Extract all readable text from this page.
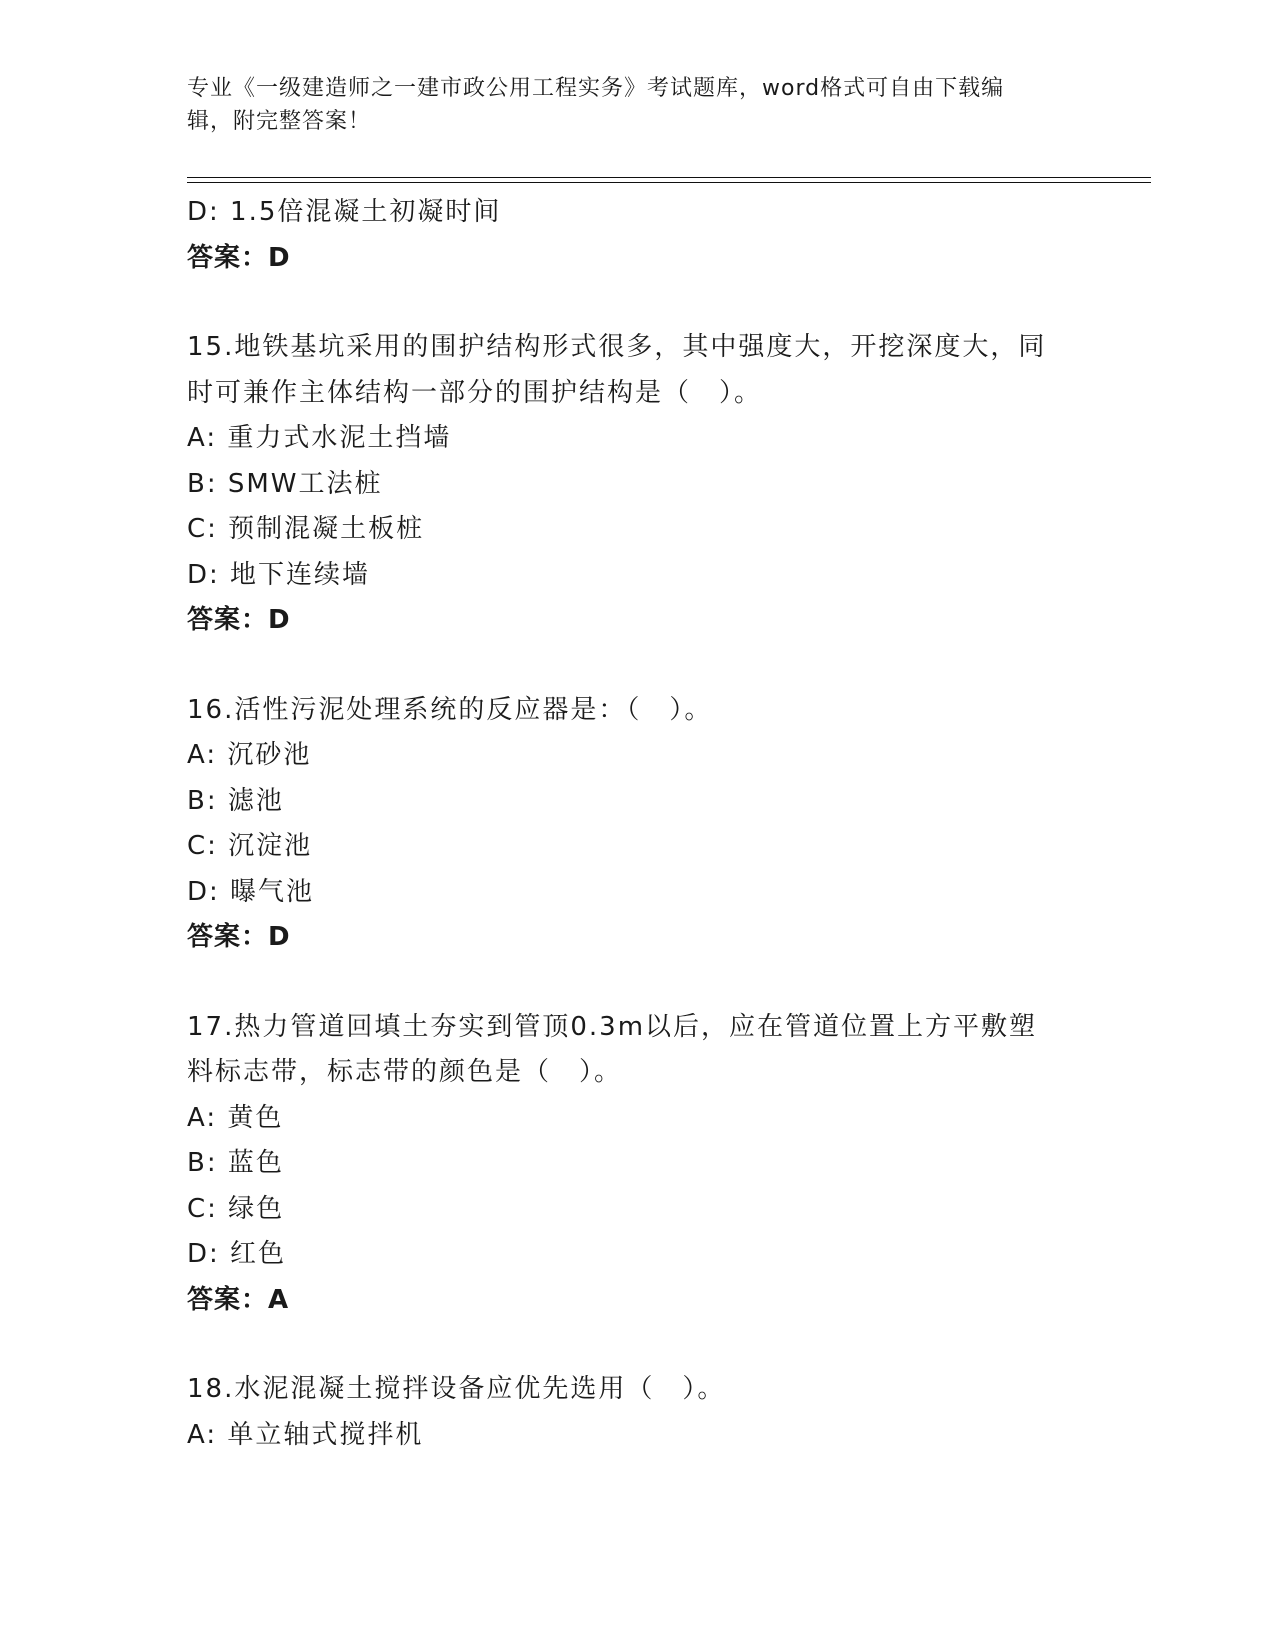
专业《一级建造师之一建市政公用工程实务》考试题库，word格式可自由下载编
辑，附完整答案！
D: 1.5倍混凝土初凝时间
答案：D
15.地铁基坑采用的围护结构形式很多，其中强度大，开挖深度大，同
时可兼作主体结构一部分的围护结构是（　）。
A: 重力式水泥土挡墙
B: SMW工法桩
C: 预制混凝土板桩
D: 地下连续墙
答案：D
16.活性污泥处理系统的反应器是：（　）。
A: 沉砂池
B: 滤池
C: 沉淀池
D: 曝气池
答案：D
17.热力管道回填土夯实到管顶0.3m以后，应在管道位置上方平敷塑
料标志带，标志带的颜色是（　）。
A: 黄色
B: 蓝色
C: 绿色
D: 红色
答案：A
18.水泥混凝土搅拌设备应优先选用（　）。
A: 单立轴式搅拌机
